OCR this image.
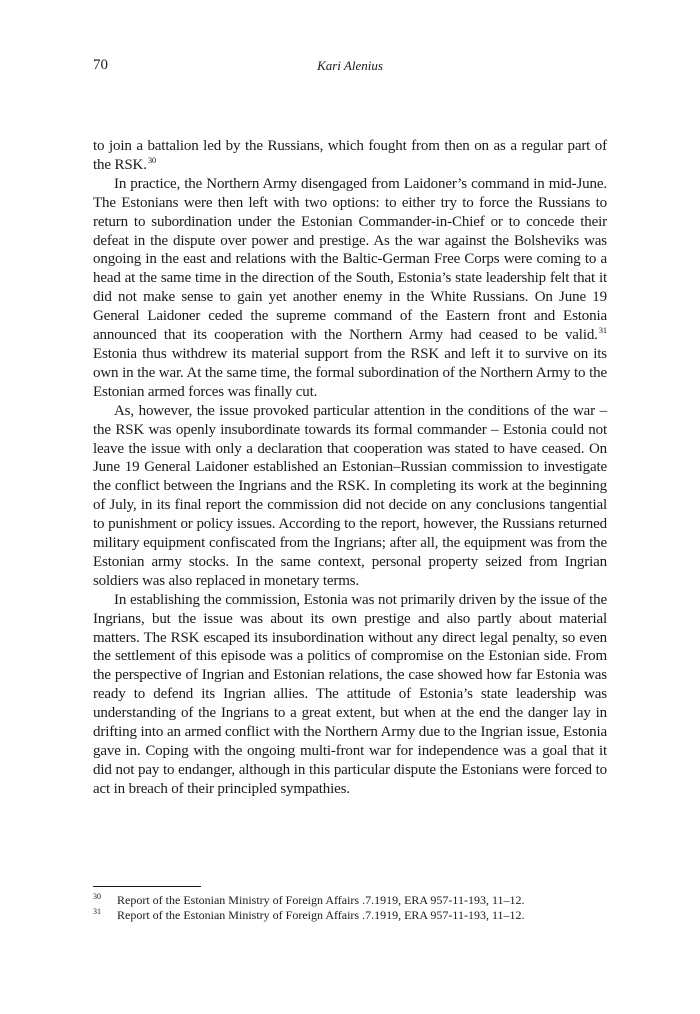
70	Kari Alenius

to join a battalion led by the Russians, which fought from then on as a regular part of the RSK.$^{30}$

In practice, the Northern Army disengaged from Laidoner’s command in mid-June. The Estonians were then left with two options: to either try to force the Russians to return to subordination under the Estonian Commander-in-Chief or to concede their defeat in the dispute over power and prestige. As the war against the Bolsheviks was ongoing in the east and relations with the Baltic-German Free Corps were coming to a head at the same time in the direction of the South, Estonia’s state leadership felt that it did not make sense to gain yet another enemy in the White Russians. On June 19 General Laidoner ceded the supreme command of the Eastern front and Estonia announced that its cooperation with the Northern Army had ceased to be valid.$^{31}$ Estonia thus withdrew its material support from the RSK and left it to survive on its own in the war. At the same time, the formal subordination of the Northern Army to the Estonian armed forces was finally cut.

As, however, the issue provoked particular attention in the conditions of the war – the RSK was openly insubordinate towards its formal commander – Estonia could not leave the issue with only a declaration that cooperation was stated to have ceased. On June 19 General Laidoner established an Estonian–Russian commission to investigate the conflict between the Ingrians and the RSK. In completing its work at the beginning of July, in its final report the commission did not decide on any conclusions tangential to punishment or policy issues. According to the report, however, the Russians returned military equipment confiscated from the Ingrians; after all, the equipment was from the Estonian army stocks. In the same context, personal property seized from Ingrian soldiers was also replaced in monetary terms.

In establishing the commission, Estonia was not primarily driven by the issue of the Ingrians, but the issue was about its own prestige and also partly about material matters. The RSK escaped its insubordination without any direct legal penalty, so even the settlement of this episode was a politics of compromise on the Estonian side. From the perspective of Ingrian and Estonian relations, the case showed how far Estonia was ready to defend its Ingrian allies. The attitude of Estonia’s state leadership was understanding of the Ingrians to a great extent, but when at the end the danger lay in drifting into an armed conflict with the Northern Army due to the Ingrian issue, Estonia gave in. Coping with the ongoing multi-front war for independence was a goal that it did not pay to endanger, although in this particular dispute the Estonians were forced to act in breach of their principled sympathies.

30 Report of the Estonian Ministry of Foreign Affairs .7.1919, ERA 957-11-193, 11–12.
31 Report of the Estonian Ministry of Foreign Affairs .7.1919, ERA 957-11-193, 11–12.
